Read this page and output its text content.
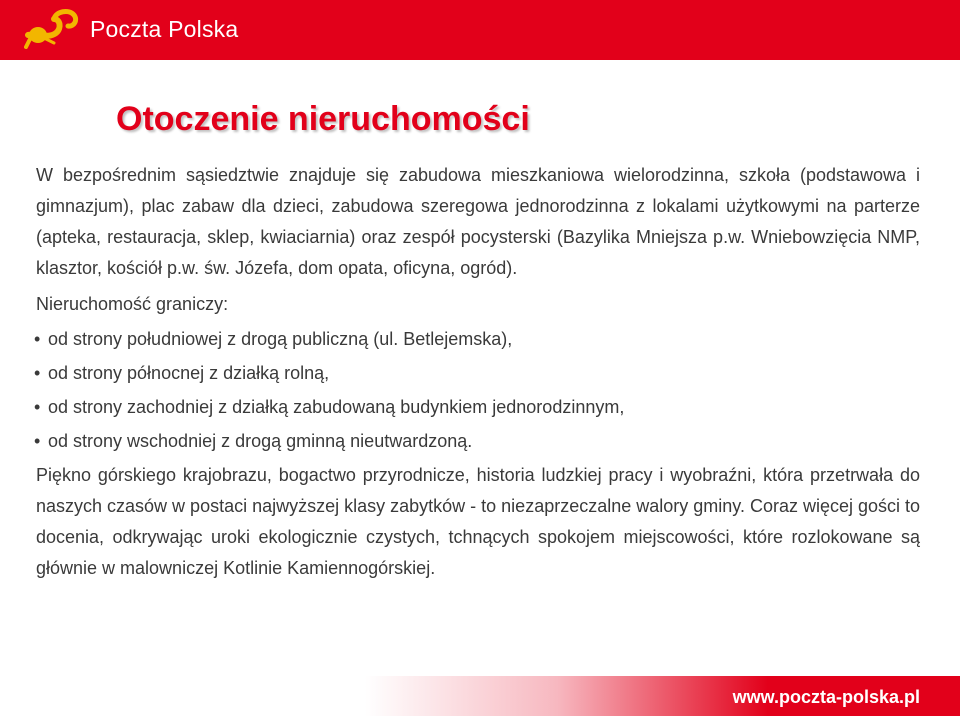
Poczta Polska
Otoczenie nieruchomości

W bezpośrednim sąsiedztwie znajduje się zabudowa mieszkaniowa wielorodzinna, szkoła (podstawowa i gimnazjum), plac zabaw dla dzieci, zabudowa szeregowa jednorodzinna z lokalami użytkowymi na parterze (apteka, restauracja, sklep, kwiaciarnia) oraz zespół pocysterski (Bazylika Mniejsza p.w. Wniebowzięcia NMP, klasztor, kościół p.w. św. Józefa, dom opata, oficyna, ogród).

Nieruchomość graniczy:

• od strony południowej z drogą publiczną (ul. Betlejemska),
• od strony północnej z działką rolną,
• od strony zachodniej z działką zabudowaną budynkiem jednorodzinnym,
• od strony wschodniej z drogą gminną nieutwardzoną.

Piękno górskiego krajobrazu, bogactwo przyrodnicze, historia ludzkiej pracy i wyobraźni, która przetrwała do naszych czasów w postaci najwyższej klasy zabytków - to niezaprzeczalne walory gminy. Coraz więcej gości to docenia, odkrywając uroki ekologicznie czystych, tchnących spokojem miejscowości, które rozlokowane są głównie w malowniczej Kotlinie Kamiennogórskiej.

www.poczta-polska.pl
